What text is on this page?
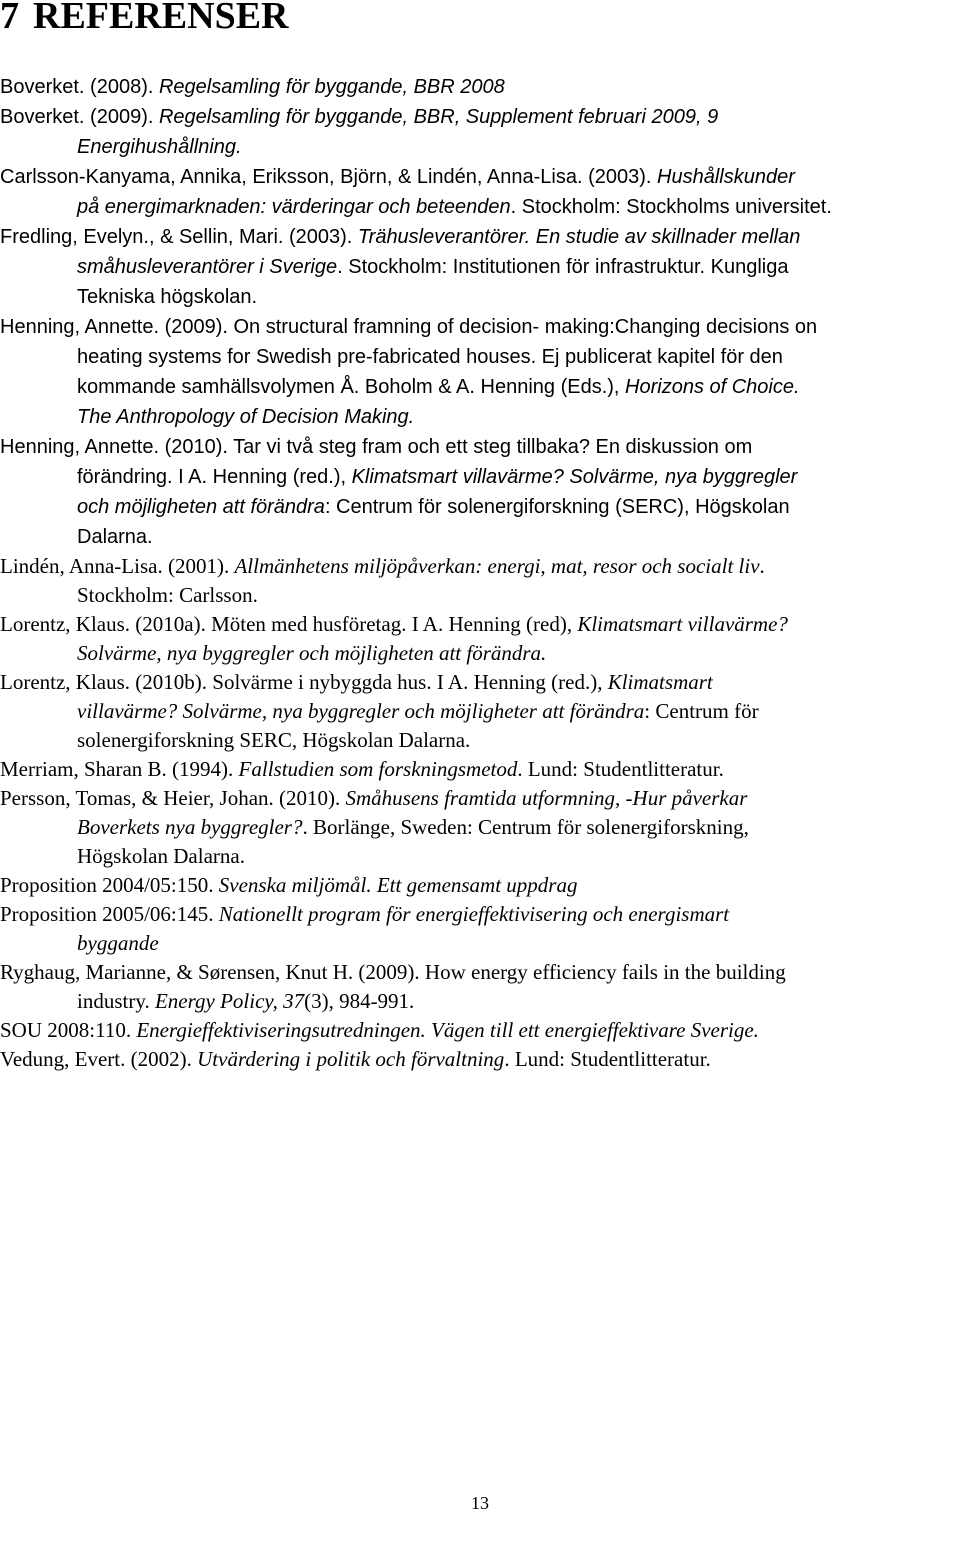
7 REFERENSER
Boverket. (2008). Regelsamling för byggande, BBR 2008
Boverket. (2009). Regelsamling för byggande, BBR, Supplement februari 2009, 9
Energihushållning.
Carlsson-Kanyama, Annika, Eriksson, Björn, & Lindén, Anna-Lisa. (2003). Hushållskunder
på energimarknaden: värderingar och beteenden. Stockholm: Stockholms universitet.
Fredling, Evelyn., & Sellin, Mari. (2003). Trähusleverantörer. En studie av skillnader mellan
småhusleverantörer i Sverige. Stockholm: Institutionen för infrastruktur. Kungliga
Tekniska högskolan.
Henning, Annette. (2009). On structural framning of decision- making:Changing decisions on
heating systems for Swedish pre-fabricated houses. Ej publicerat kapitel för den
kommande samhällsvolymen Å. Boholm & A. Henning (Eds.), Horizons of Choice.
The Anthropology of Decision Making.
Henning, Annette. (2010). Tar vi två steg fram och ett steg tillbaka? En diskussion om
förändring. I A. Henning (red.), Klimatsmart villavärme? Solvärme, nya byggregler
och möjligheten att förändra: Centrum för solenergiforskning (SERC), Högskolan
Dalarna.
Lindén, Anna-Lisa. (2001). Allmänhetens miljöpåverkan: energi, mat, resor och socialt liv.
Stockholm: Carlsson.
Lorentz, Klaus. (2010a). Möten med husföretag. I A. Henning (red), Klimatsmart villavärme?
Solvärme, nya byggregler och möjligheten att förändra.
Lorentz, Klaus. (2010b). Solvärme i nybyggda hus. I A. Henning (red.), Klimatsmart
villavärme? Solvärme, nya byggregler och möjligheter att förändra: Centrum för
solenergiforskning SERC, Högskolan Dalarna.
Merriam, Sharan B. (1994). Fallstudien som forskningsmetod. Lund: Studentlitteratur.
Persson, Tomas, & Heier, Johan. (2010). Småhusens framtida utformning, -Hur påverkar
Boverkets nya byggregler?. Borlänge, Sweden: Centrum för solenergiforskning,
Högskolan Dalarna.
Proposition 2004/05:150. Svenska miljömål. Ett gemensamt uppdrag
Proposition 2005/06:145. Nationellt program för energieffektivisering och energismart
byggande
Ryghaug, Marianne, & Sørensen, Knut H. (2009). How energy efficiency fails in the building
industry. Energy Policy, 37(3), 984-991.
SOU 2008:110. Energieffektiviseringsutredningen. Vägen till ett energieffektivare Sverige.
Vedung, Evert. (2002). Utvärdering i politik och förvaltning. Lund: Studentlitteratur.
13
